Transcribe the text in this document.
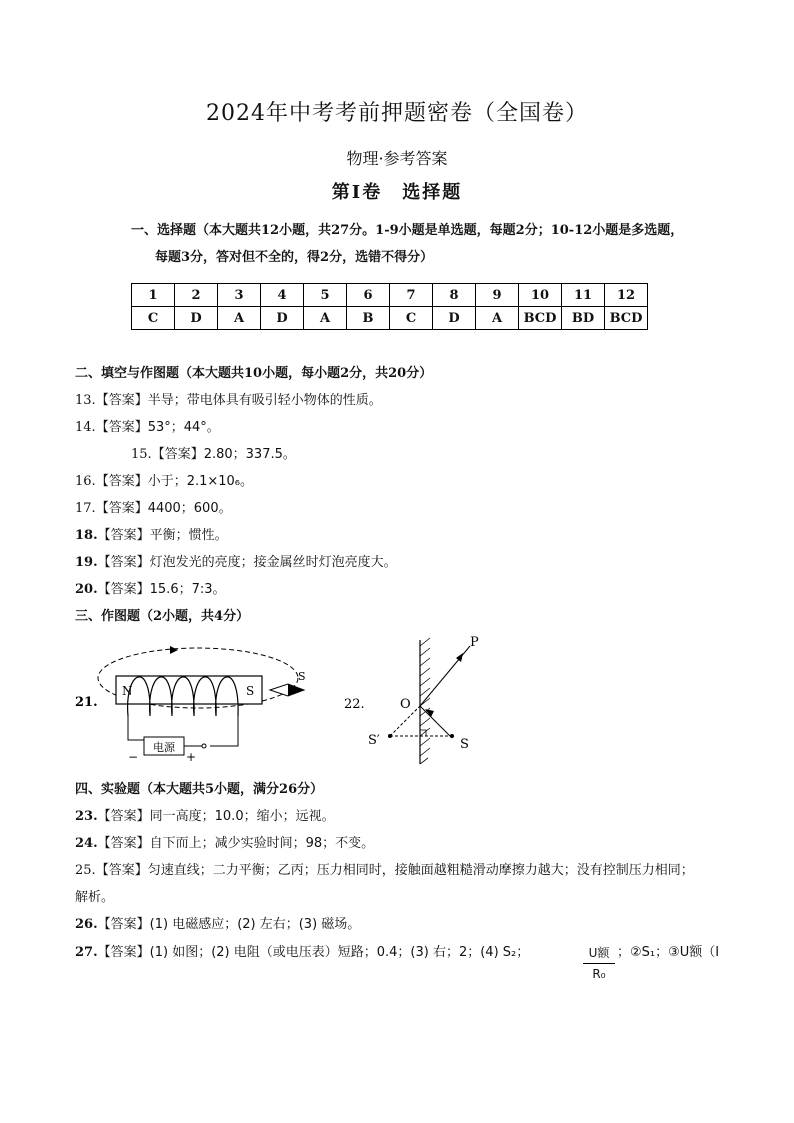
2024年中考考前押题密卷（全国卷）
物理·参考答案
第Ⅰ卷　选择题
一、选择题（本大题共12小题，共27分。1-9小题是单选题，每题2分；10-12小题是多选题，
每题3分，答对但不全的，得2分，选错不得分）
1	2	3	4	5	6	7	8	9	10	11	12
C	D	A	D	A	B	C	D	A	BCD	BD	BCD
二、填空与作图题（本大题共10小题，每小题2分，共20分）
13.【答案】半导；带电体具有吸引轻小物体的性质。
14.【答案】53°；44°。
15.【答案】2.80；337.5。
16.【答案】小于；2.1×10₆。
17.【答案】4400；600。
18.【答案】平衡；惯性。
19.【答案】灯泡发光的亮度；接金属丝时灯泡亮度大。
20.【答案】15.6；7:3。
三、作图题（2小题，共4分）
21.
N	S
电源
−	+
S
22.
P
O
S
S′
四、实验题（本大题共5小题，满分26分）
23.【答案】同一高度；10.0；缩小；远视。
24.【答案】自下而上；减少实验时间；98；不变。
25.【答案】匀速直线；二力平衡；乙丙；压力相同时，接触面越粗糙滑动摩擦力越大；没有控制压力相同；
解析。
26.【答案】(1) 电磁感应；(2) 左右；(3) 磁场。
27.【答案】(1) 如图；(2) 电阻（或电压表）短路；0.4；(3) 右；2；(4) S₂；	U额
R₀
；②S₁；③U额（I
